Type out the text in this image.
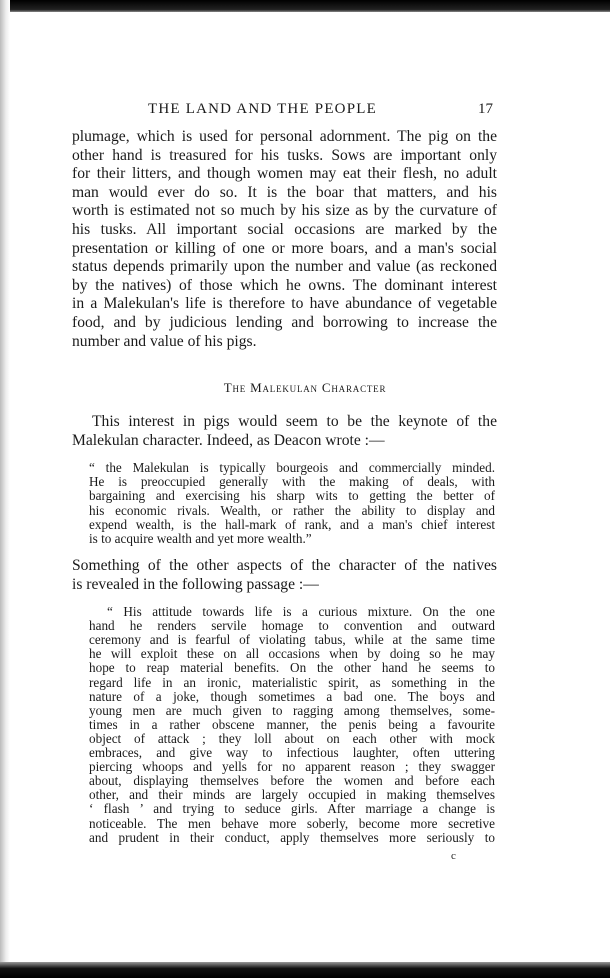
THE LAND AND THE PEOPLE	17
plumage, which is used for personal adornment. The pig on the
other hand is treasured for his tusks. Sows are important only
for their litters, and though women may eat their flesh, no adult
man would ever do so. It is the boar that matters, and his
worth is estimated not so much by his size as by the curvature of
his tusks. All important social occasions are marked by the
presentation or killing of one or more boars, and a man's social
status depends primarily upon the number and value (as reckoned
by the natives) of those which he owns. The dominant interest
in a Malekulan's life is therefore to have abundance of vegetable
food, and by judicious lending and borrowing to increase the
number and value of his pigs.
The Malekulan Character
This interest in pigs would seem to be the keynote of the
Malekulan character. Indeed, as Deacon wrote :—
“ the Malekulan is typically bourgeois and commercially minded.
He is preoccupied generally with the making of deals, with
bargaining and exercising his sharp wits to getting the better of
his economic rivals. Wealth, or rather the ability to display and
expend wealth, is the hall-mark of rank, and a man's chief interest
is to acquire wealth and yet more wealth.”
Something of the other aspects of the character of the natives
is revealed in the following passage :—
“ His attitude towards life is a curious mixture. On the one
hand he renders servile homage to convention and outward
ceremony and is fearful of violating tabus, while at the same time
he will exploit these on all occasions when by doing so he may
hope to reap material benefits. On the other hand he seems to
regard life in an ironic, materialistic spirit, as something in the
nature of a joke, though sometimes a bad one. The boys and
young men are much given to ragging among themselves, some-
times in a rather obscene manner, the penis being a favourite
object of attack ; they loll about on each other with mock
embraces, and give way to infectious laughter, often uttering
piercing whoops and yells for no apparent reason ; they swagger
about, displaying themselves before the women and before each
other, and their minds are largely occupied in making themselves
‘ flash ’ and trying to seduce girls. After marriage a change is
noticeable. The men behave more soberly, become more secretive
and prudent in their conduct, apply themselves more seriously to
c
